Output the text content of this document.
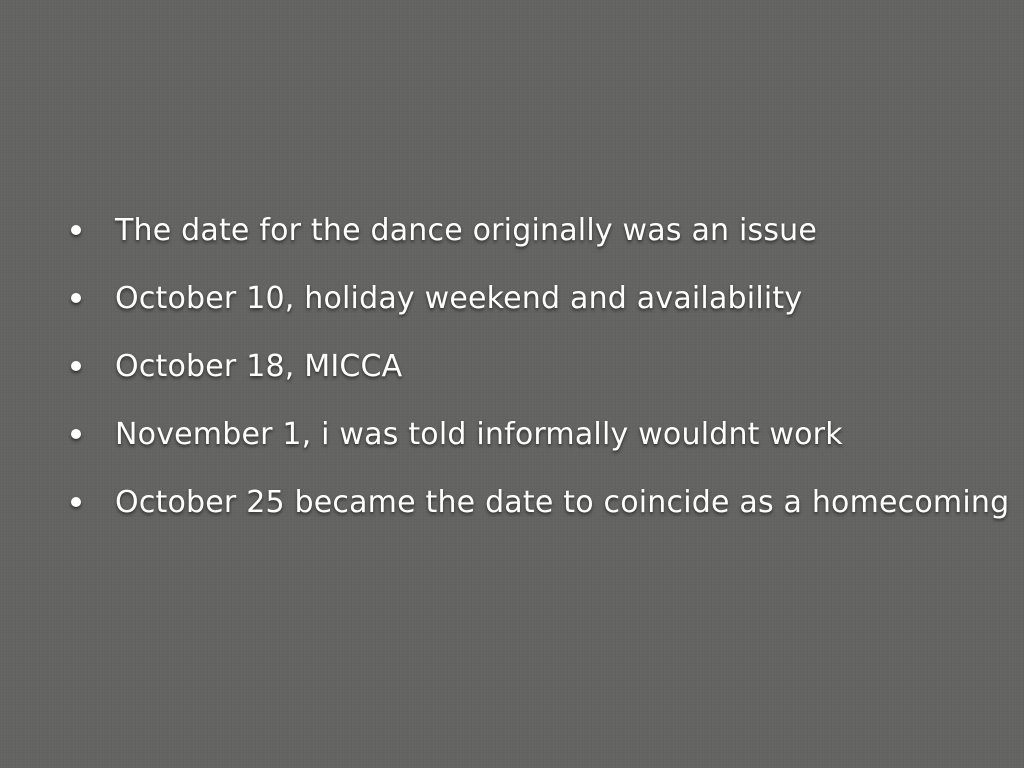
The date for the dance originally was an issue
October 10, holiday weekend and availability
October 18, MICCA
November 1, i was told informally wouldnt work
October 25 became the date to coincide as a homecoming
